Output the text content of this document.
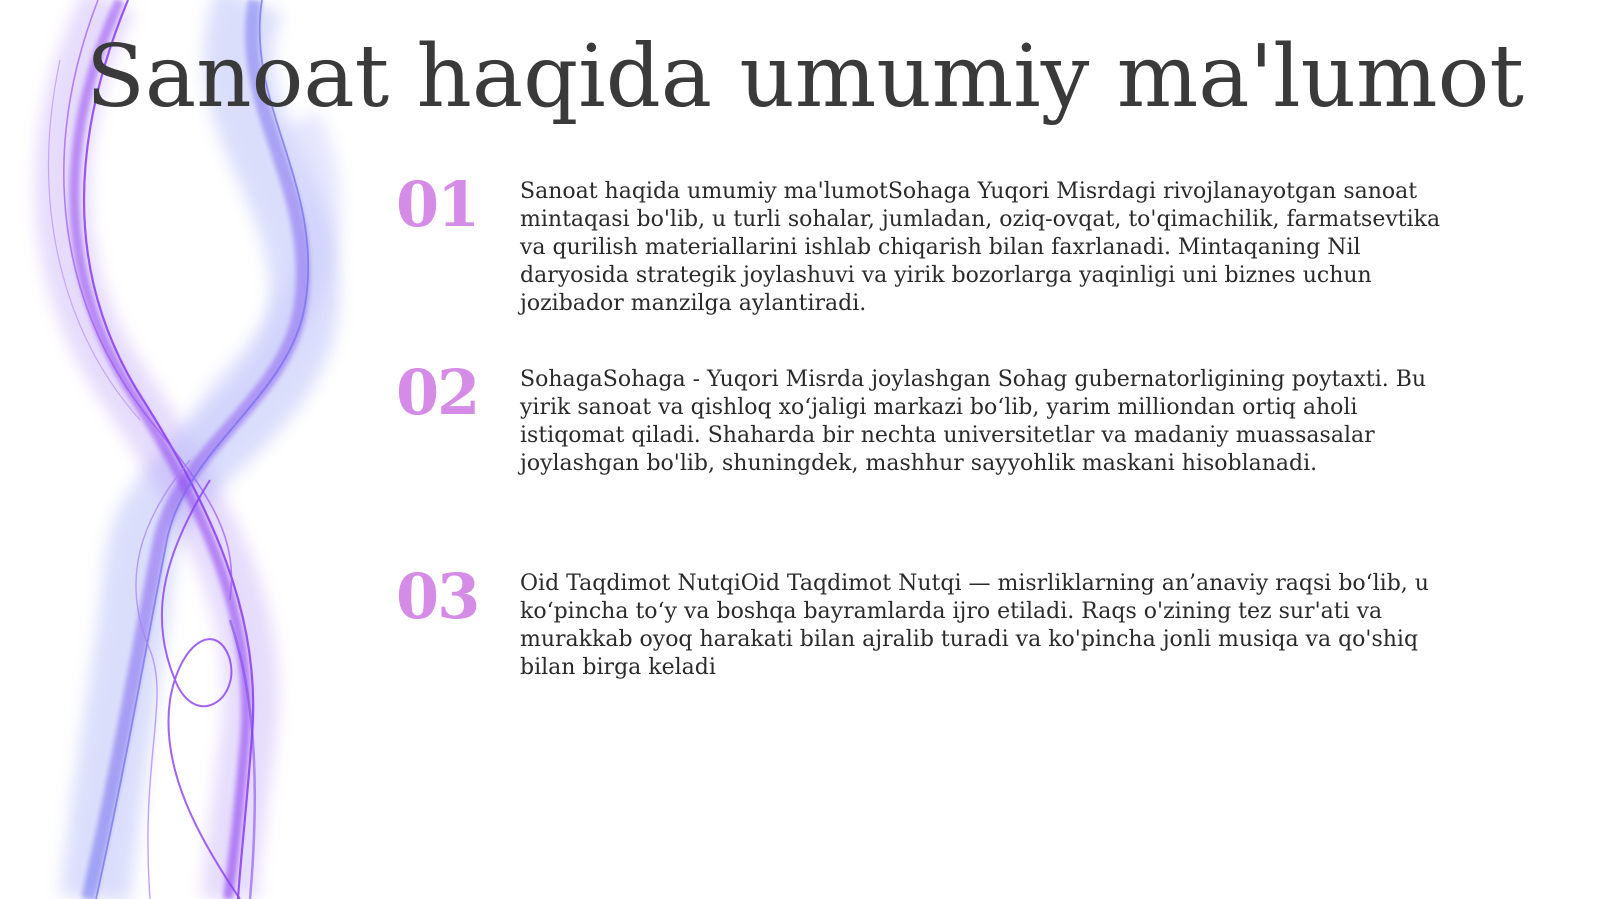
Sanoat haqida umumiy ma'lumot
01 Sanoat haqida umumiy ma'lumotSohaga Yuqori Misrdagi rivojlanayotgan sanoat mintaqasi bo'lib, u turli sohalar, jumladan, oziq-ovqat, to'qimachilik, farmatsevtika va qurilish materiallarini ishlab chiqarish bilan faxrlanadi. Mintaqaning Nil daryosida strategik joylashuvi va yirik bozorlarga yaqinligi uni biznes uchun jozibador manzilga aylantiradi.

02 SohagaSohaga - Yuqori Misrda joylashgan Sohag gubernatorligining poytaxti. Bu yirik sanoat va qishloq xo‘jaligi markazi bo‘lib, yarim milliondan ortiq aholi istiqomat qiladi. Shaharda bir nechta universitetlar va madaniy muassasalar joylashgan bo'lib, shuningdek, mashhur sayyohlik maskani hisoblanadi.

03 Oid Taqdimot NutqiOid Taqdimot Nutqi — misrliklarning an’anaviy raqsi bo‘lib, u ko‘pincha to‘y va boshqa bayramlarda ijro etiladi. Raqs o'zining tez sur'ati va murakkab oyoq harakati bilan ajralib turadi va ko'pincha jonli musiqa va qo'shiq bilan birga keladi
